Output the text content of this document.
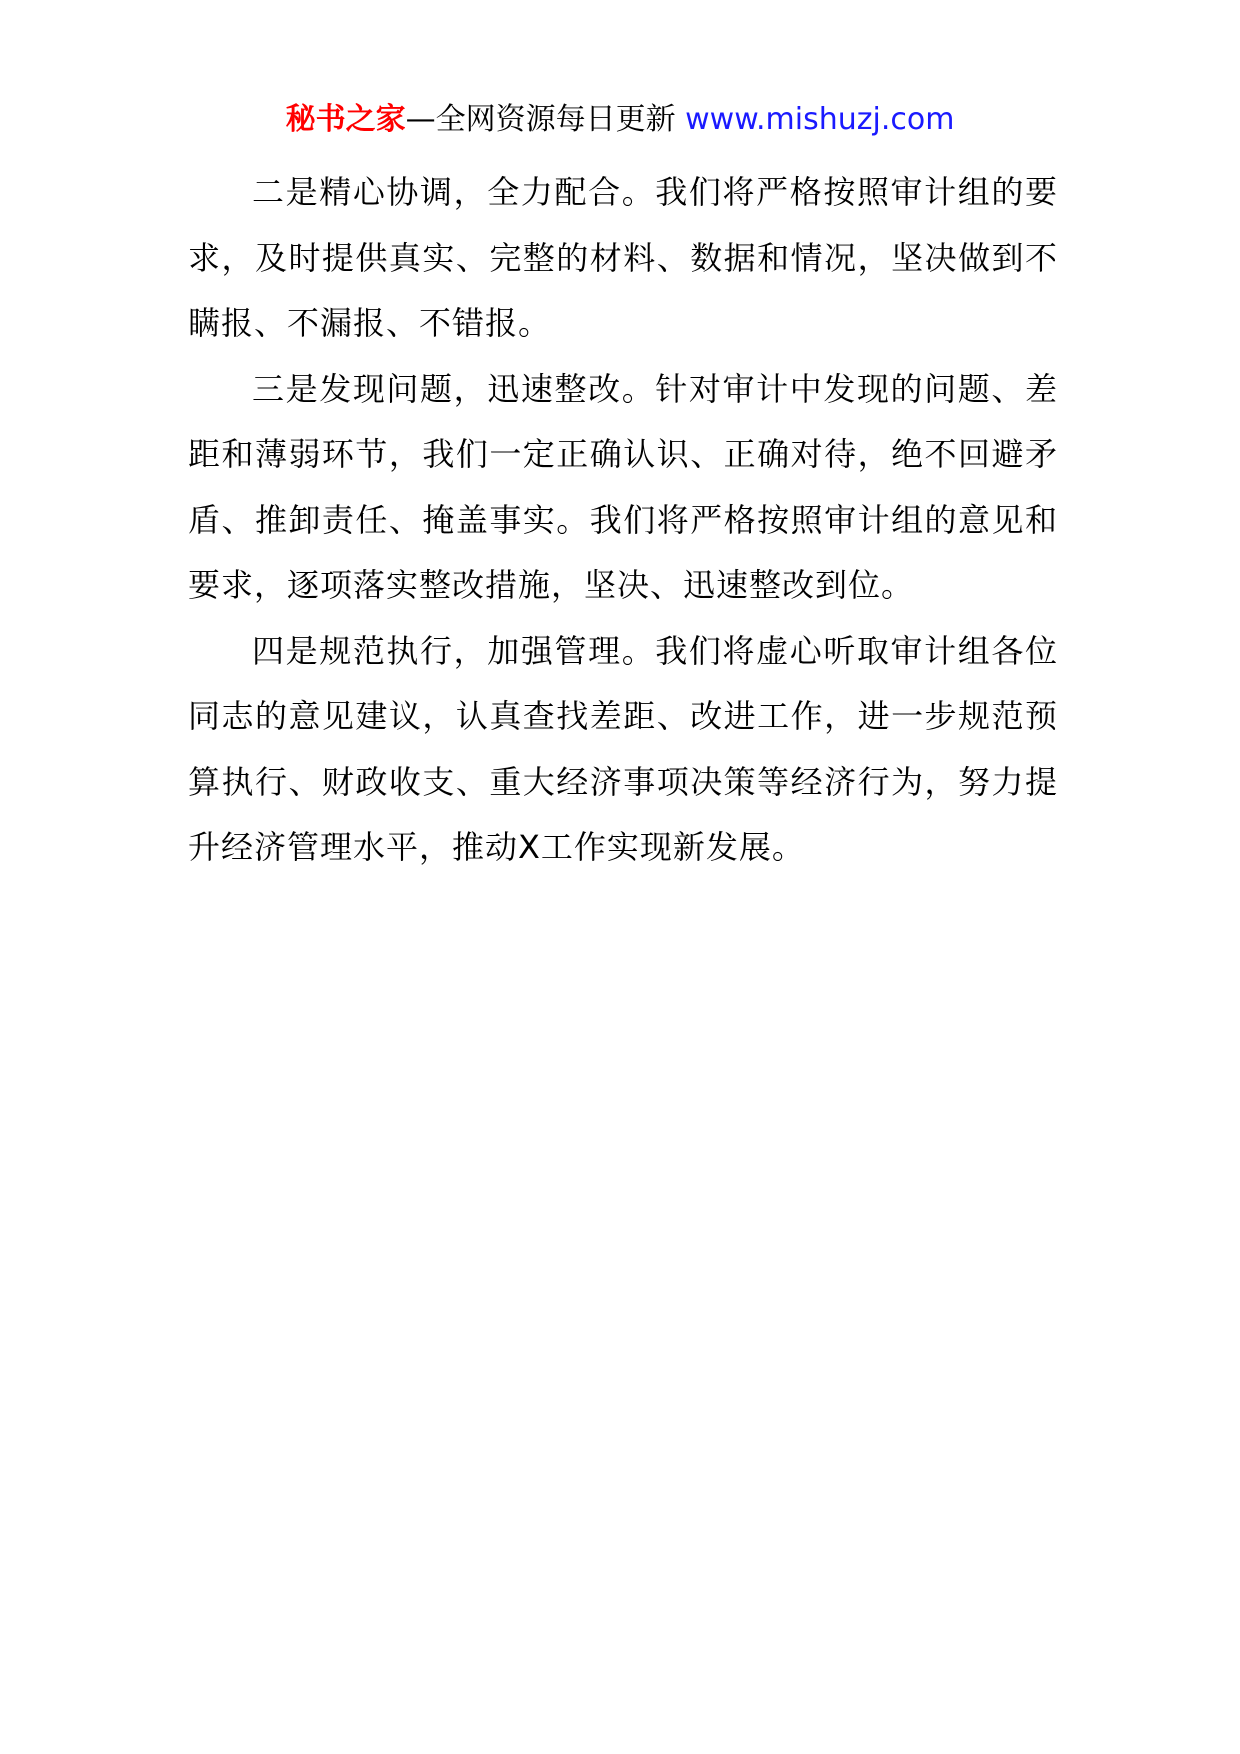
秘书之家—全网资源每日更新 www.mishuzj.com

二是精心协调，全力配合。我们将严格按照审计组的要求，及时提供真实、完整的材料、数据和情况，坚决做到不瞒报、不漏报、不错报。

三是发现问题，迅速整改。针对审计中发现的问题、差距和薄弱环节，我们一定正确认识、正确对待，绝不回避矛盾、推卸责任、掩盖事实。我们将严格按照审计组的意见和要求，逐项落实整改措施，坚决、迅速整改到位。

四是规范执行，加强管理。我们将虚心听取审计组各位同志的意见建议，认真查找差距、改进工作，进一步规范预算执行、财政收支、重大经济事项决策等经济行为，努力提升经济管理水平，推动X工作实现新发展。
